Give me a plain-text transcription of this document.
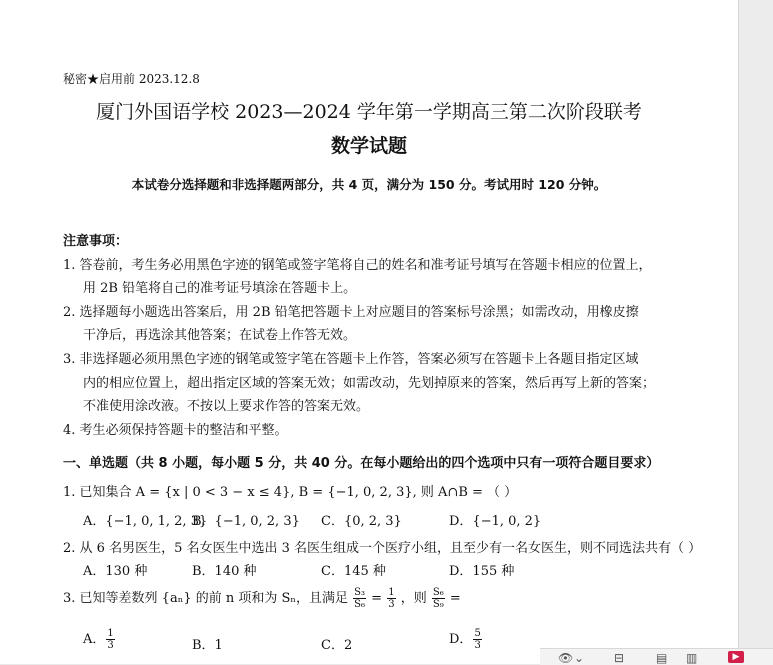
秘密★启用前 2023.12.8
厦门外国语学校 2023—2024 学年第一学期高三第二次阶段联考
数学试题
本试卷分选择题和非选择题两部分，共 4 页，满分为 150 分。考试用时 120 分钟。
注意事项：
1. 答卷前，考生务必用黑色字迹的钢笔或签字笔将自己的姓名和准考证号填写在答题卡相应的位置上，
用 2B 铅笔将自己的准考证号填涂在答题卡上。
2. 选择题每小题选出答案后，用 2B 铅笔把答题卡上对应题目的答案标号涂黑；如需改动，用橡皮擦
干净后，再选涂其他答案；在试卷上作答无效。
3. 非选择题必须用黑色字迹的钢笔或签字笔在答题卡上作答，答案必须写在答题卡上各题目指定区域
内的相应位置上，超出指定区域的答案无效；如需改动，先划掉原来的答案，然后再写上新的答案；
不准使用涂改液。不按以上要求作答的答案无效。
4. 考生必须保持答题卡的整洁和平整。
一、单选题（共 8 小题，每小题 5 分，共 40 分。在每小题给出的四个选项中只有一项符合题目要求）
1. 已知集合 A = {x | 0 < 3 − x ≤ 4}, B = {−1, 0, 2, 3}, 则 A∩B = （ ）
A．{−1, 0, 1, 2, 3}
B．{−1, 0, 2, 3} C．{0, 2, 3}	D．{−1, 0, 2}
2. 从 6 名男医生，5 名女医生中选出 3 名医生组成一个医疗小组，且至少有一名女医生，则不同选法共有（ ）
A．130 种	B．140 种	C．145 种	D．155 种
3. 已知等差数列 {aₙ} 的前 n 项和为 Sₙ，且满足 $\frac{\text{S₃}}{\text{S₆}} = \frac{1}{3}$ ，则 $\frac{\text{S₆}}{\text{S₉}}$ =
A． $\frac{1}{3}$	B．1	C．2	D． $\frac{5}{3}$
👁 ⌄ ⊟	▤ ▥	▶
